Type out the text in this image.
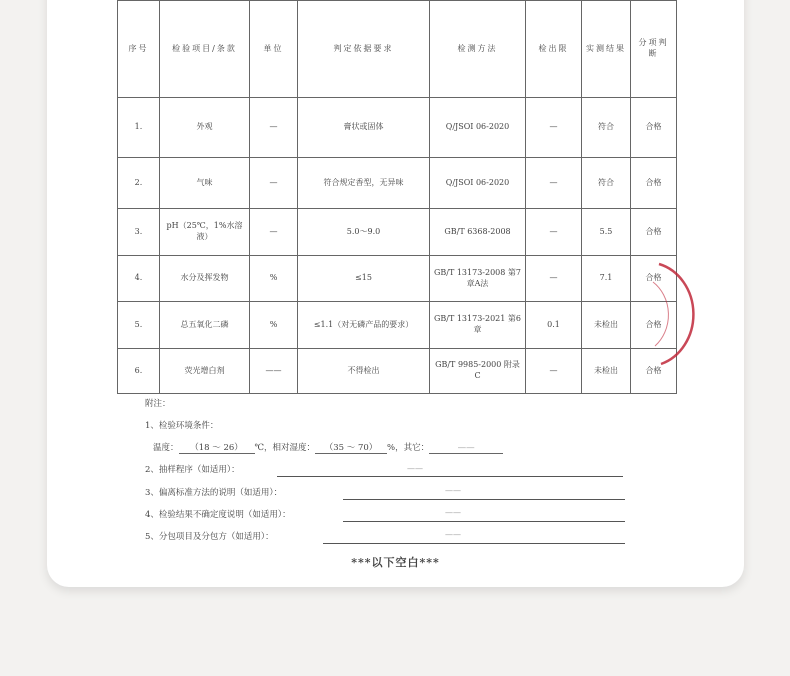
序号	检验项目/条款	单位	判定依据要求	检测方法	检出限	实测结果	分项判断
1.	外观	—	膏状或固体	Q/JSOI 06-2020	—	符合	合格
2.	气味	—	符合规定香型，无异味	Q/JSOI 06-2020	—	符合	合格
3.	pH（25℃，1%水溶液）	—	5.0～9.0	GB/T 6368-2008	—	5.5	合格
4.	水分及挥发物	%	≤15	GB/T 13173-2008 第7章A法	—	7.1	合格
5.	总五氧化二磷	%	≤1.1（对无磷产品的要求）	GB/T 13173-2021 第6章	0.1	未检出	合格
6.	荧光增白剂	——	不得检出	GB/T 9985-2000 附录C	—	未检出	合格
附注：
1、检验环境条件：
温度： （18 ～ 26） ℃，相对湿度： （35 ～ 70） %，其它：	——
2、抽样程序（如适用）：	——
3、偏离标准方法的说明（如适用）：	——
4、检验结果不确定度说明（如适用）：	——
5、分包项目及分包方（如适用）：	——
***以下空白***
